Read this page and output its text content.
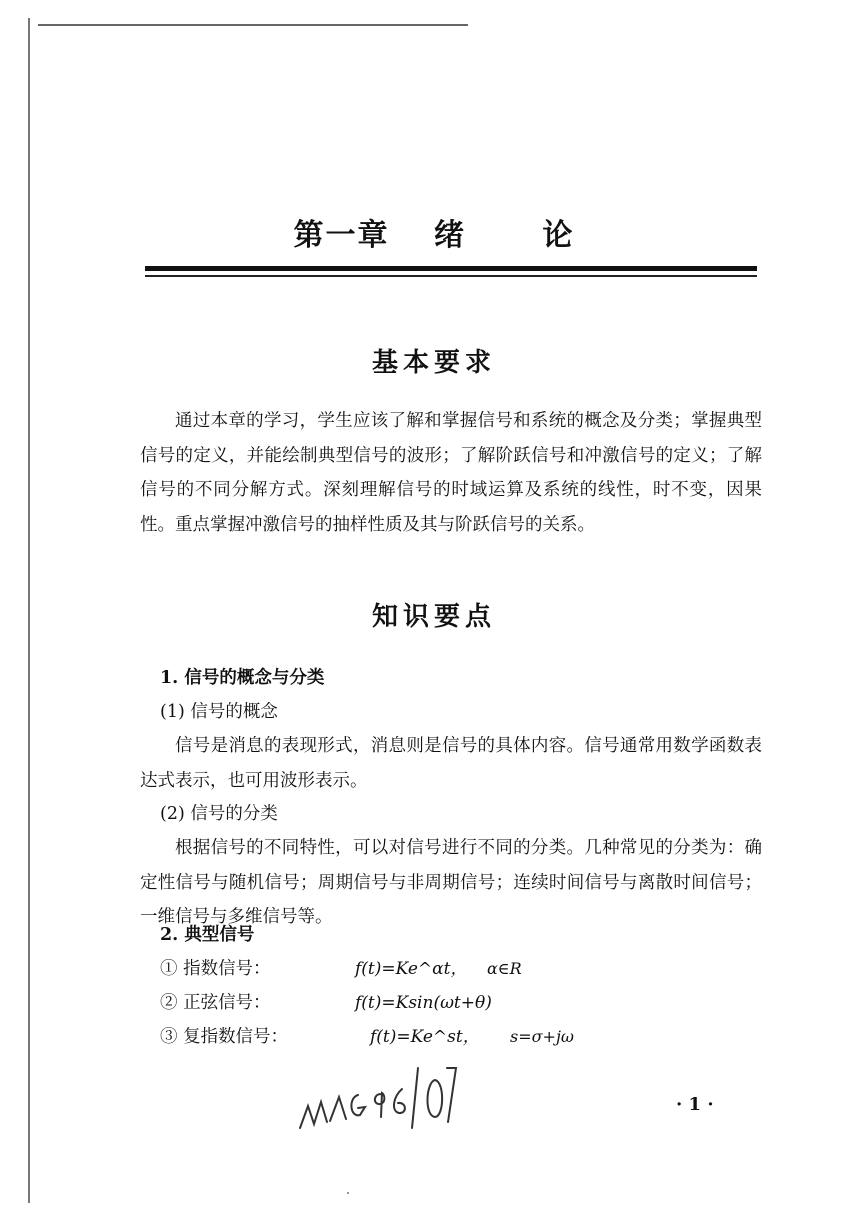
第一章　 绪　　 论
基本要求

通过本章的学习，学生应该了解和掌握信号和系统的概念及分类；掌握典型信号的定义，并能绘制典型信号的波形；了解阶跃信号和冲激信号的定义；了解信号的不同分解方式。深刻理解信号的时域运算及系统的线性，时不变，因果性。重点掌握冲激信号的抽样性质及其与阶跃信号的关系。

知识要点
1. 信号的概念与分类
(1) 信号的概念

信号是消息的表现形式，消息则是信号的具体内容。信号通常用数学函数表达式表示，也可用波形表示。

(2) 信号的分类

根据信号的不同特性，可以对信号进行不同的分类。几种常见的分类为：确定性信号与随机信号；周期信号与非周期信号；连续时间信号与离散时间信号；一维信号与多维信号等。

2. 典型信号
① 指数信号：	f(t)=Ke^αt， α∈R
② 正弦信号：	f(t)=Ksin(ωt+θ)
③ 复指数信号：	f(t)=Ke^st， s=σ+jω
· 1 ·
